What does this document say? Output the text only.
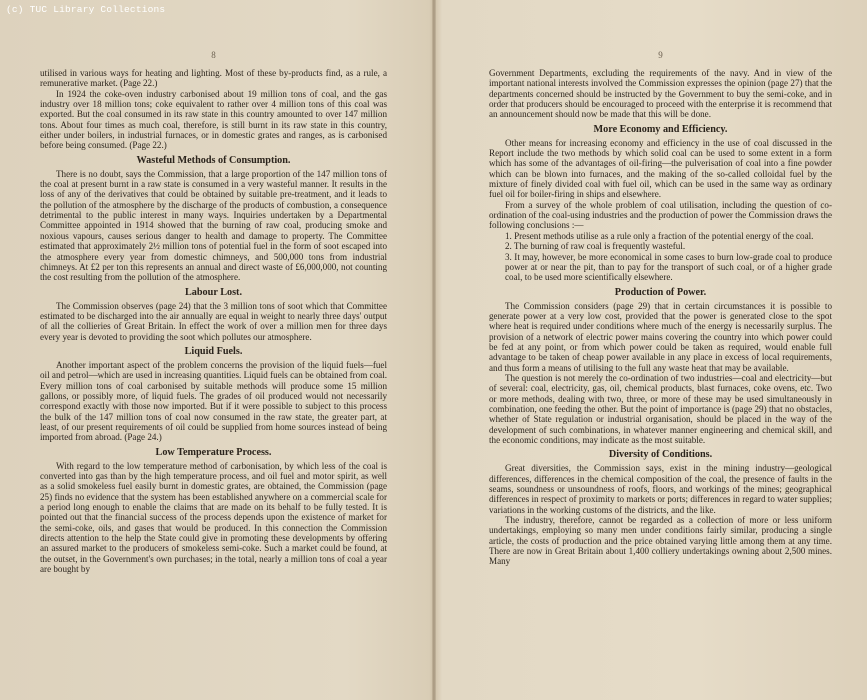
(c) TUC Library Collections
8

utilised in various ways for heating and lighting. Most of these by-products find, as a rule, a remunerative market. (Page 22.)

In 1924 the coke-oven industry carbonised about 19 million tons of coal, and the gas industry over 18 million tons; coke equivalent to rather over 4 million tons of this coal was exported. But the coal consumed in its raw state in this country amounted to over 147 million tons. About four times as much coal, therefore, is still burnt in its raw state in this country, either under boilers, in industrial furnaces, or in domestic grates and ranges, as is carbonised before being consumed. (Page 22.)

Wasteful Methods of Consumption.

There is no doubt, says the Commission, that a large proportion of the 147 million tons of the coal at present burnt in a raw state is consumed in a very wasteful manner. It results in the loss of any of the derivatives that could be obtained by suitable pre-treatment, and it leads to the pollution of the atmosphere by the discharge of the products of combustion, a consequence detrimental to the public interest in many ways. Inquiries undertaken by a Departmental Committee appointed in 1914 showed that the burning of raw coal, producing smoke and noxious vapours, causes serious danger to health and damage to property. The Committee estimated that approximately 2½ million tons of potential fuel in the form of soot escaped into the atmosphere every year from domestic chimneys, and 500,000 tons from industrial chimneys. At £2 per ton this represents an annual and direct waste of £6,000,000, not counting the cost resulting from the pollution of the atmosphere.

Labour Lost.

The Commission observes (page 24) that the 3 million tons of soot which that Committee estimated to be discharged into the air annually are equal in weight to nearly three days' output of all the collieries of Great Britain. In effect the work of over a million men for three days every year is devoted to providing the soot which pollutes our atmosphere.

Liquid Fuels.

Another important aspect of the problem concerns the provision of the liquid fuels—fuel oil and petrol—which are used in increasing quantities. Liquid fuels can be obtained from coal. Every million tons of coal carbonised by suitable methods will produce some 15 million gallons, or possibly more, of liquid fuels. The grades of oil produced would not necessarily correspond exactly with those now imported. But if it were possible to subject to this process the bulk of the 147 million tons of coal now consumed in the raw state, the greater part, at least, of our present requirements of oil could be supplied from home sources instead of being imported from abroad. (Page 24.)

Low Temperature Process.

With regard to the low temperature method of carbonisation, by which less of the coal is converted into gas than by the high temperature process, and oil fuel and motor spirit, as well as a solid smokeless fuel easily burnt in domestic grates, are obtained, the Commission (page 25) finds no evidence that the system has been established anywhere on a commercial scale for a period long enough to enable the claims that are made on its behalf to be fully tested. It is pointed out that the financial success of the process depends upon the existence of market for the semi-coke, oils, and gases that would be produced. In this connection the Commission directs attention to the help the State could give in promoting these developments by offering an assured market to the producers of smokeless semi-coke. Such a market could be found, at the outset, in the Government's own purchases; in the total, nearly a million tons of coal a year are bought by

9

Government Departments, excluding the requirements of the navy. And in view of the important national interests involved the Commission expresses the opinion (page 27) that the departments concerned should be instructed by the Government to buy the semi-coke, and in order that producers should be encouraged to proceed with the enterprise it is recommend that an announcement should now be made that this will be done.

More Economy and Efficiency.

Other means for increasing economy and efficiency in the use of coal discussed in the Report include the two methods by which solid coal can be used to some extent in a form which has some of the advantages of oil-firing—the pulverisation of coal into a fine powder which can be blown into furnaces, and the making of the so-called colloidal fuel by the mixture of finely divided coal with fuel oil, which can be used in the same way as ordinary fuel oil for boiler-firing in ships and elsewhere.

From a survey of the whole problem of coal utilisation, including the question of co-ordination of the coal-using industries and the production of power the Commission draws the following conclusions :—

1. Present methods utilise as a rule only a fraction of the potential energy of the coal.

2. The burning of raw coal is frequently wasteful.

3. It may, however, be more economical in some cases to burn low-grade coal to produce power at or near the pit, than to pay for the transport of such coal, or of a higher grade coal, to be used more scientifically elsewhere.

Production of Power.

The Commission considers (page 29) that in certain circumstances it is possible to generate power at a very low cost, provided that the power is generated close to the spot where heat is required under conditions where much of the energy is necessarily surplus. The provision of a network of electric power mains covering the country into which power could be fed at any point, or from which power could be taken as required, would enable full advantage to be taken of cheap power available in any place in excess of local requirements, and thus form a means of utilising to the full any waste heat that may be available.

The question is not merely the co-ordination of two industries—coal and electricity—but of several: coal, electricity, gas, oil, chemical products, blast furnaces, coke ovens, etc. Two or more methods, dealing with two, three, or more of these may be used simultaneously in combination, one feeding the other. But the point of importance is (page 29) that no obstacles, whether of State regulation or industrial organisation, should be placed in the way of the development of such combinations, in whatever manner engineering and chemical skill, and the economic conditions, may indicate as the most suitable.

Diversity of Conditions.

Great diversities, the Commission says, exist in the mining industry—geological differences, differences in the chemical composition of the coal, the presence of faults in the seams, soundness or unsoundness of roofs, floors, and workings of the mines; geographical differences in respect of proximity to markets or ports; differences in regard to water supplies; variations in the working customs of the districts, and the like.

The industry, therefore, cannot be regarded as a collection of more or less uniform undertakings, employing so many men under conditions fairly similar, producing a single article, the costs of production and the price obtained varying little among them at any time. There are now in Great Britain about 1,400 colliery undertakings owning about 2,500 mines. Many
